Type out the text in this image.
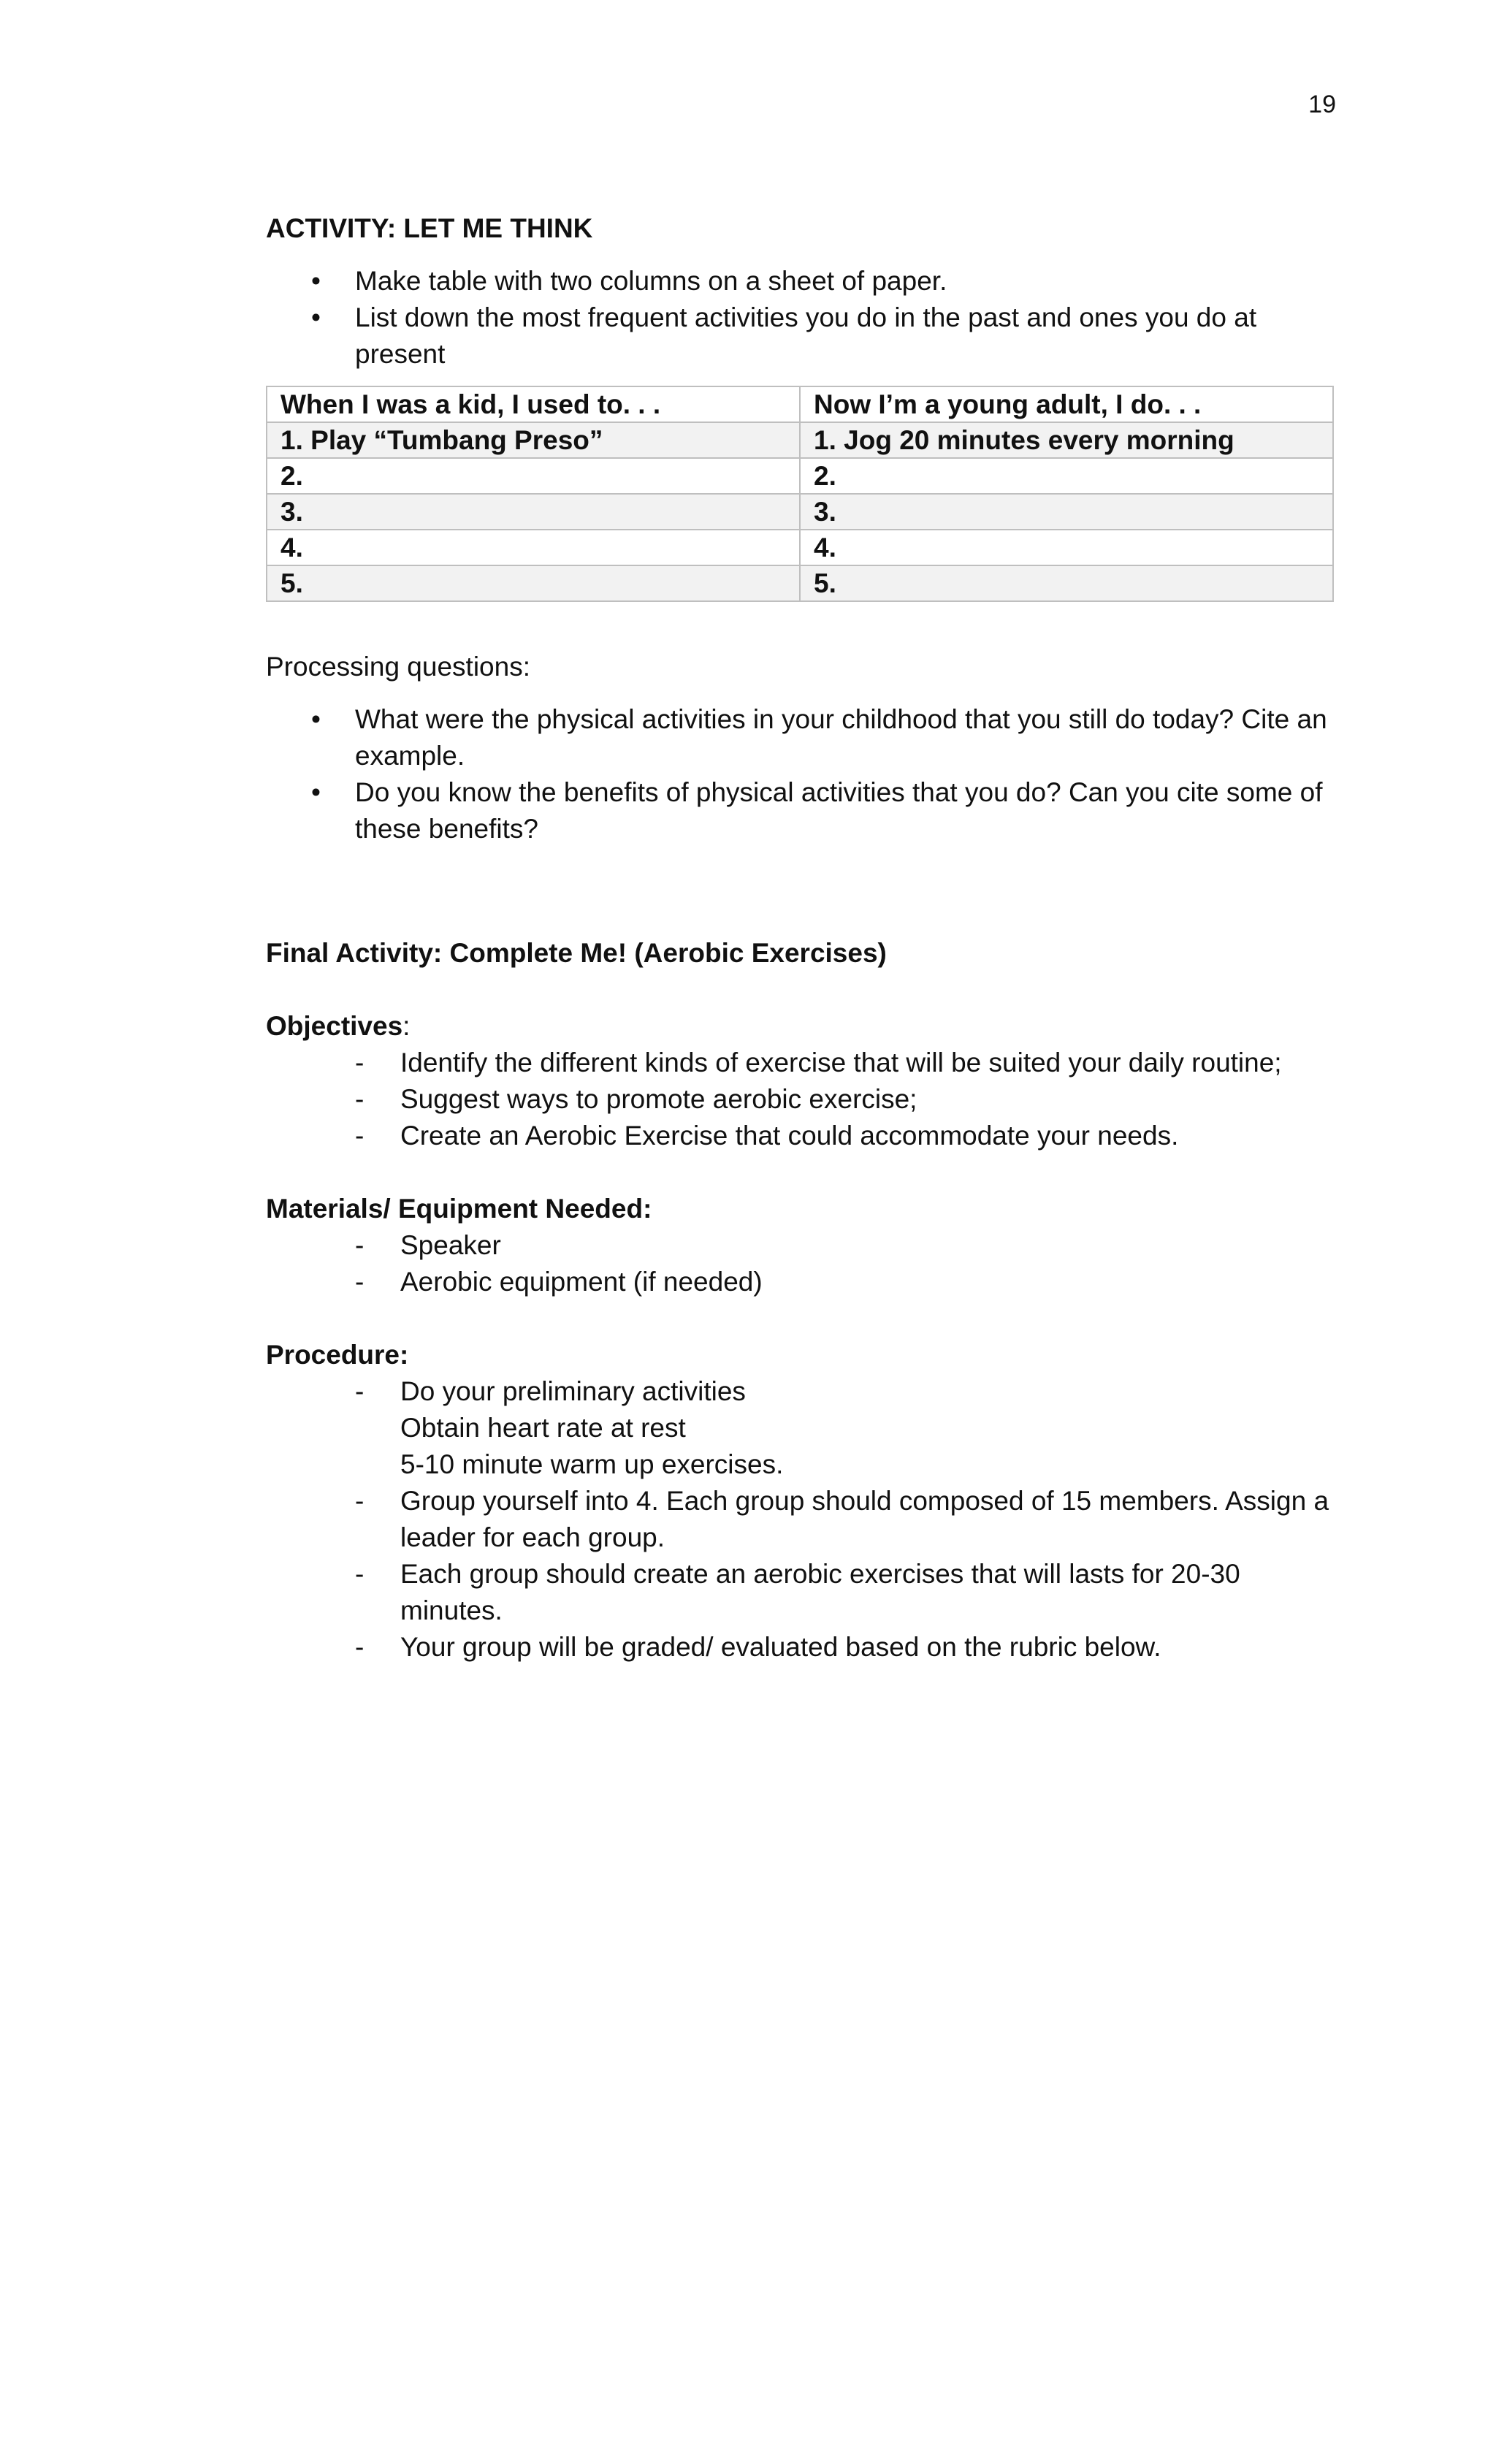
19

ACTIVITY: LET ME THINK

• Make table with two columns on a sheet of paper.
• List down the most frequent activities you do in the past and ones you do at present
When I was a kid, I used to. . .	Now I’m a young adult, I do. . .
1. Play “Tumbang Preso”	1. Jog 20 minutes every morning
2.	2.
3.	3.
4.	4.
5.	5.

Processing questions:

• What were the physical activities in your childhood that you still do today? Cite an example.
• Do you know the benefits of physical activities that you do? Can you cite some of these benefits?

Final Activity: Complete Me! (Aerobic Exercises)

Objectives:

- Identify the different kinds of exercise that will be suited your daily routine;
- Suggest ways to promote aerobic exercise;
- Create an Aerobic Exercise that could accommodate your needs.

Materials/ Equipment Needed:

- Speaker
- Aerobic equipment (if needed)

Procedure:

- Do your preliminary activities
Obtain heart rate at rest
5-10 minute warm up exercises.
- Group yourself into 4. Each group should composed of 15 members. Assign a leader for each group.
- Each group should create an aerobic exercises that will lasts for 20-30 minutes.
- Your group will be graded/ evaluated based on the rubric below.
